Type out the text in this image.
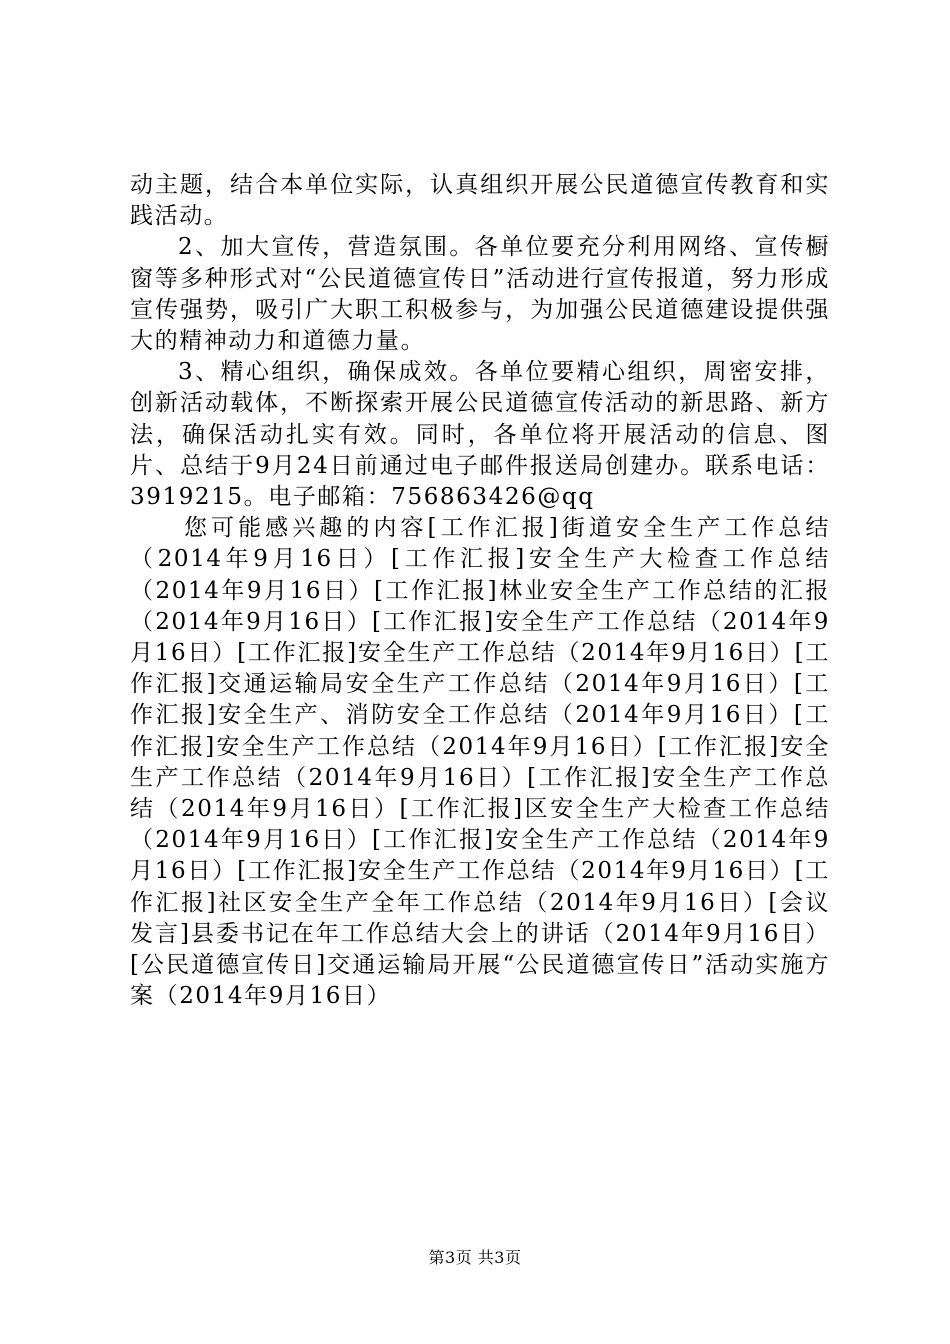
动主题，结合本单位实际，认真组织开展公民道德宣传教育和实践活动。

2、加大宣传，营造氛围。各单位要充分利用网络、宣传橱窗等多种形式对“公民道德宣传日”活动进行宣传报道，努力形成宣传强势，吸引广大职工积极参与，为加强公民道德建设提供强大的精神动力和道德力量。

3、精心组织，确保成效。各单位要精心组织，周密安排，创新活动载体，不断探索开展公民道德宣传活动的新思路、新方法，确保活动扎实有效。同时，各单位将开展活动的信息、图片、总结于9月24日前通过电子邮件报送局创建办。联系电话：3919215。电子邮箱：756863426@qq

您可能感兴趣的内容[工作汇报]街道安全生产工作总结（2014年9月16日）[工作汇报]安全生产大检查工作总结（2014年9月16日）[工作汇报]林业安全生产工作总结的汇报（2014年9月16日）[工作汇报]安全生产工作总结（2014年9月16日）[工作汇报]安全生产工作总结（2014年9月16日）[工作汇报]交通运输局安全生产工作总结（2014年9月16日）[工作汇报]安全生产、消防安全工作总结（2014年9月16日）[工作汇报]安全生产工作总结（2014年9月16日）[工作汇报]安全生产工作总结（2014年9月16日）[工作汇报]安全生产工作总结（2014年9月16日）[工作汇报]区安全生产大检查工作总结（2014年9月16日）[工作汇报]安全生产工作总结（2014年9月16日）[工作汇报]安全生产工作总结（2014年9月16日）[工作汇报]社区安全生产全年工作总结（2014年9月16日）[会议发言]县委书记在年工作总结大会上的讲话（2014年9月16日）[公民道德宣传日]交通运输局开展“公民道德宣传日”活动实施方案（2014年9月16日）

第3页 共3页
